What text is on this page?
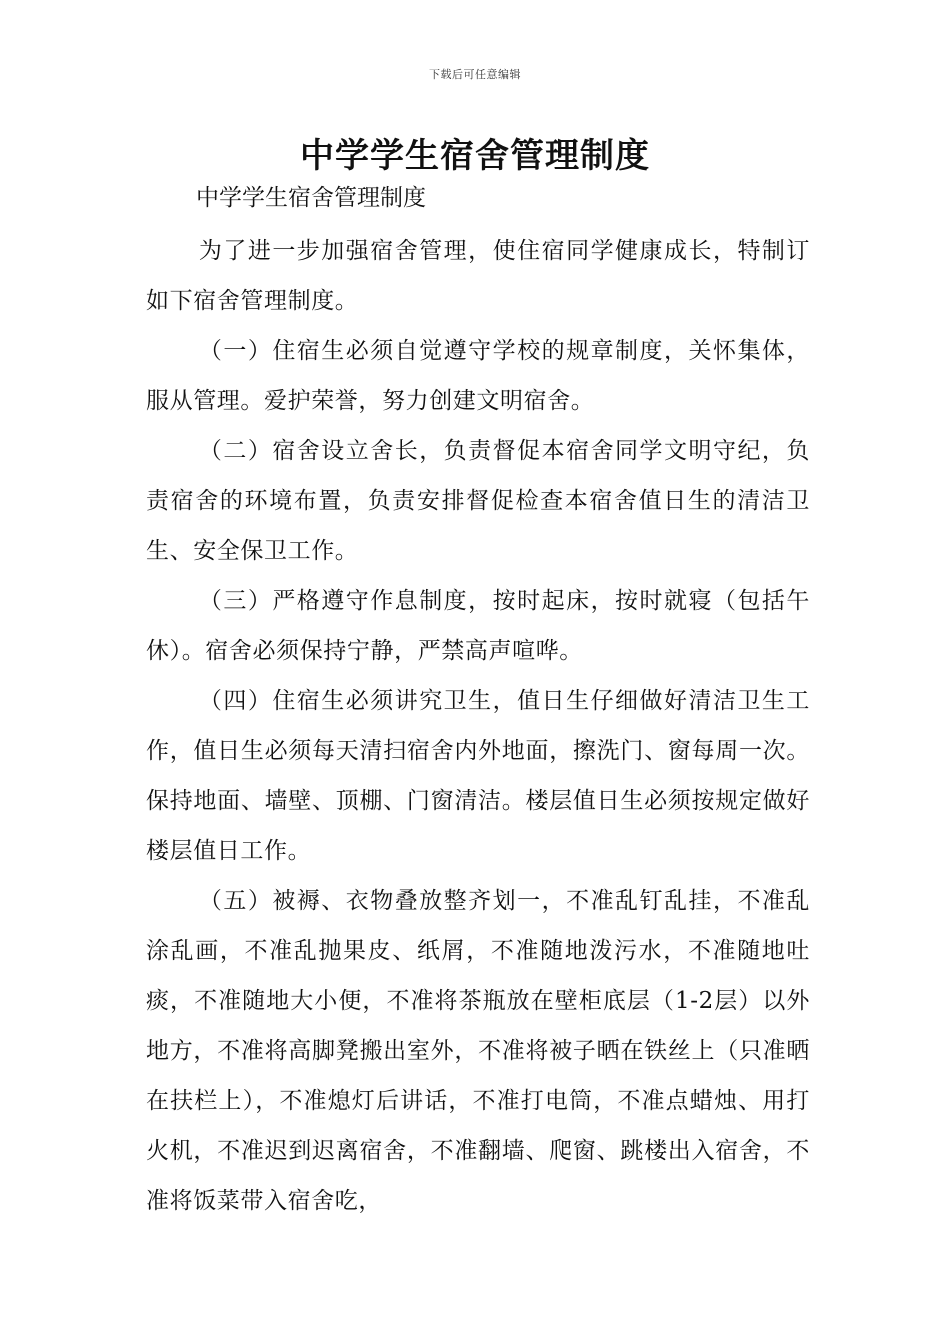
下载后可任意编辑
中学学生宿舍管理制度

中学学生宿舍管理制度

为了进一步加强宿舍管理，使住宿同学健康成长，特制订如下宿舍管理制度。

（一）住宿生必须自觉遵守学校的规章制度，关怀集体，服从管理。爱护荣誉，努力创建文明宿舍。

（二）宿舍设立舍长，负责督促本宿舍同学文明守纪，负责宿舍的环境布置，负责安排督促检查本宿舍值日生的清洁卫生、安全保卫工作。

（三）严格遵守作息制度，按时起床，按时就寝（包括午休）。宿舍必须保持宁静，严禁高声喧哗。

（四）住宿生必须讲究卫生，值日生仔细做好清洁卫生工作，值日生必须每天清扫宿舍内外地面，擦洗门、窗每周一次。保持地面、墙壁、顶棚、门窗清洁。楼层值日生必须按规定做好楼层值日工作。

（五）被褥、衣物叠放整齐划一，不准乱钉乱挂，不准乱涂乱画，不准乱抛果皮、纸屑，不准随地泼污水，不准随地吐痰，不准随地大小便，不准将茶瓶放在壁柜底层（1-2层）以外地方，不准将高脚凳搬出室外，不准将被子晒在铁丝上（只准晒在扶栏上），不准熄灯后讲话，不准打电筒，不准点蜡烛、用打火机，不准迟到迟离宿舍，不准翻墙、爬窗、跳楼出入宿舍，不准将饭菜带入宿舍吃，
